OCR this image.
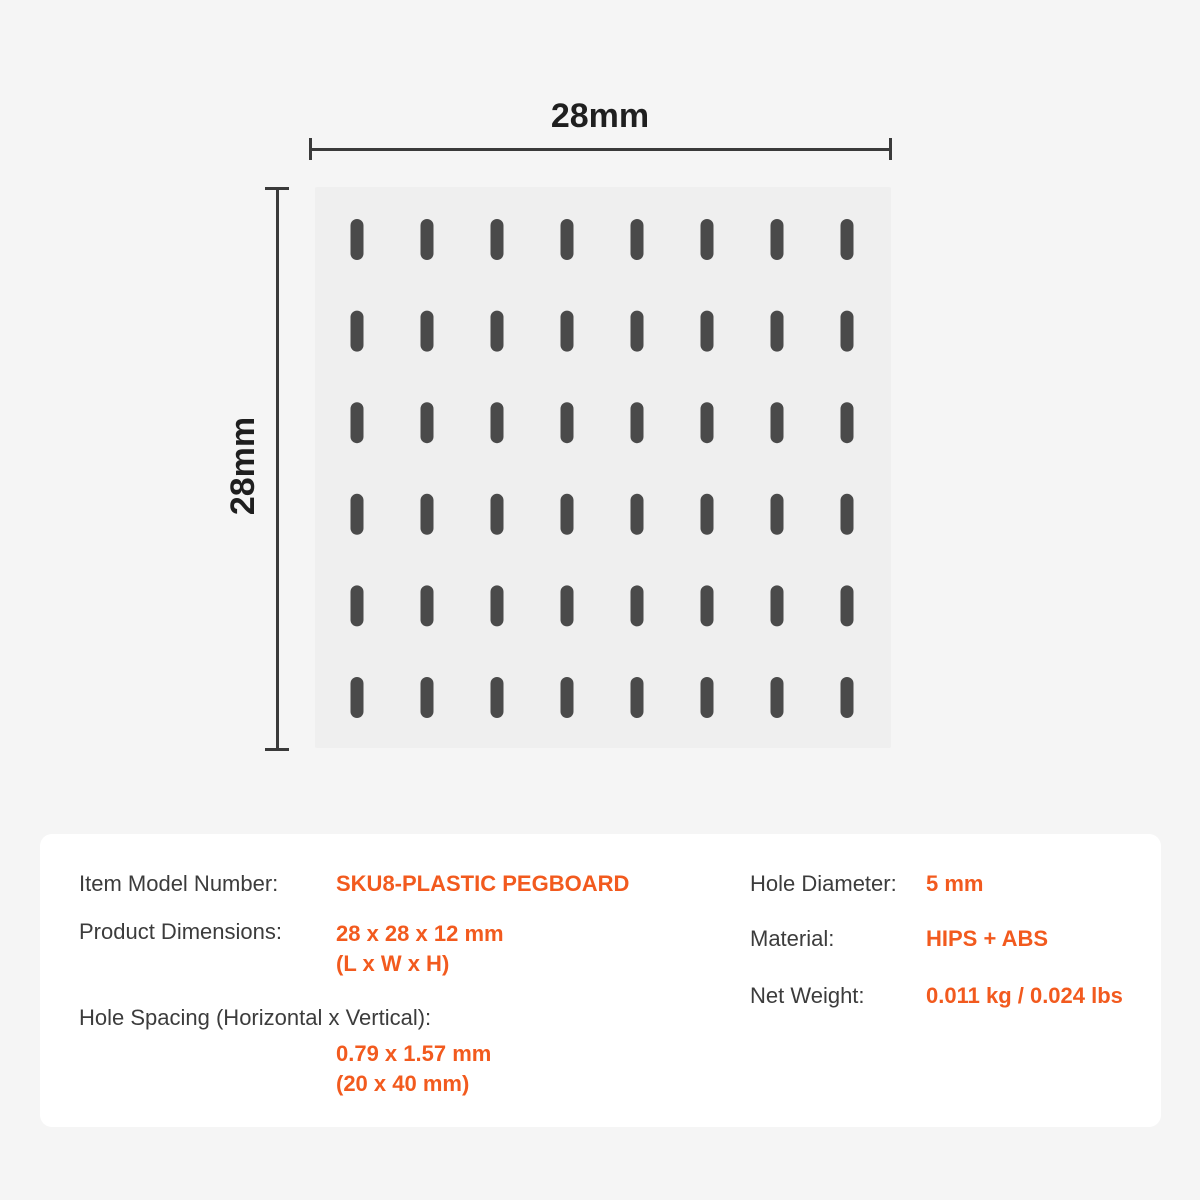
28mm
28mm
Item Model Number:	SKU8-PLASTIC PEGBOARD
Product Dimensions: 28 x 28 x 12 mm
(L x W x H)
Hole Spacing (Horizontal x Vertical):
0.79 x 1.57 mm
(20 x 40 mm)
Hole Diameter: 5 mm
Material:	HIPS + ABS
Net Weight:	0.011 kg / 0.024 lbs
